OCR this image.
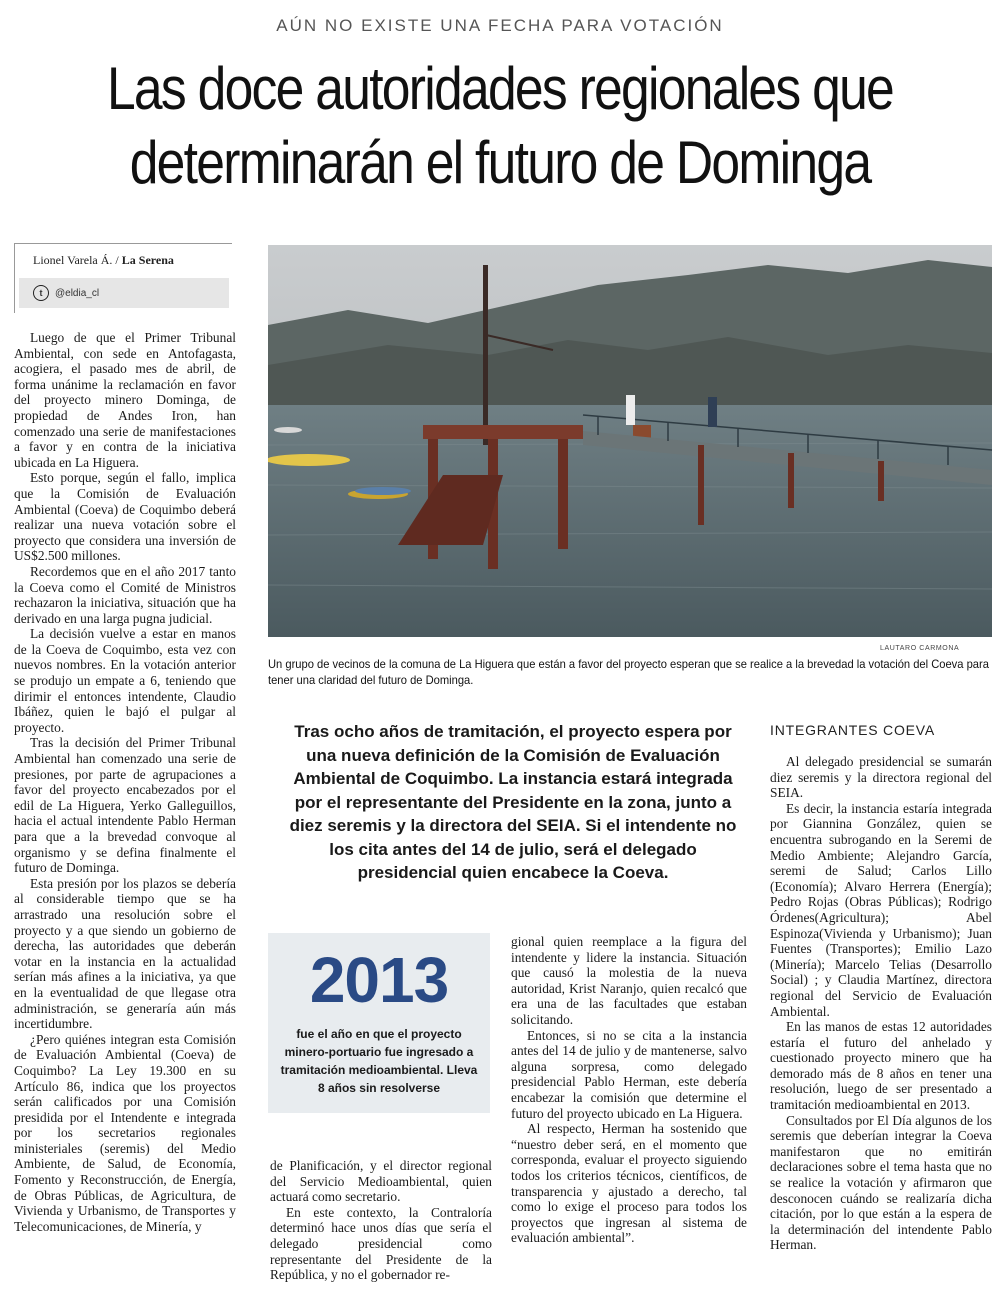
AÚN NO EXISTE UNA FECHA PARA VOTACIÓN
Las doce autoridades regionales que
determinarán el futuro de Dominga
Lionel Varela Á. / La Serena
t	@eldia_cl

Luego de que el Primer Tribunal Ambiental, con sede en Antofagasta, acogiera, el pasado mes de abril, de forma unánime la reclamación en favor del proyecto minero Dominga, de propiedad de Andes Iron, han comenzado una serie de manifestaciones a favor y en contra de la iniciativa ubicada en La Higuera.

Esto porque, según el fallo, implica que la Comisión de Evaluación Ambiental (Coeva) de Coquimbo deberá realizar una nueva votación sobre el proyecto que considera una inversión de US$2.500 millones.

Recordemos que en el año 2017 tanto la Coeva como el Comité de Ministros rechazaron la iniciativa, situación que ha derivado en una larga pugna judicial.

La decisión vuelve a estar en manos de la Coeva de Coquimbo, esta vez con nuevos nombres. En la votación anterior se produjo un empate a 6, teniendo que dirimir el entonces intendente, Claudio Ibáñez, quien le bajó el pulgar al proyecto.

Tras la decisión del Primer Tribunal Ambiental han comenzado una serie de presiones, por parte de agrupaciones a favor del proyecto encabezados por el edil de La Higuera, Yerko Galleguillos, hacia el actual intendente Pablo Herman para que a la brevedad convoque al organismo y se defina finalmente el futuro de Dominga.

Esta presión por los plazos se debería al considerable tiempo que se ha arrastrado una resolución sobre el proyecto y a que siendo un gobierno de derecha, las autoridades que deberán votar en la instancia en la actualidad serían más afines a la iniciativa, ya que en la eventualidad de que llegase otra administración, se generaría aún más incertidumbre.

¿Pero quiénes integran esta Comisión de Evaluación Ambiental (Coeva) de Coquimbo? La Ley 19.300 en su Artículo 86, indica que los proyectos serán calificados por una Comisión presidida por el Intendente e integrada por los secretarios regionales ministeriales (seremis) del Medio Ambiente, de Salud, de Economía, Fomento y Reconstrucción, de Energía, de Obras Públicas, de Agricultura, de Vivienda y Urbanismo, de Transportes y Telecomunicaciones, de Minería, y

LAUTARO CARMONA
Un grupo de vecinos de la comuna de La Higuera que están a favor del proyecto esperan que se realice a la brevedad la votación del Coeva para tener una claridad del futuro de Dominga.
Tras ocho años de tramitación, el proyecto espera por una nueva definición de la Comisión de Evaluación Ambiental de Coquimbo. La instancia estará integrada por el representante del Presidente en la zona, junto a diez seremis y la directora del SEIA. Si el intendente no los cita antes del 14 de julio, será el delegado presidencial quien encabece la Coeva.
2013
fue el año en que el proyecto minero-portuario fue ingresado a tramitación medioambiental. Lleva 8 años sin resolverse

de Planificación, y el director regional del Servicio Medioambiental, quien actuará como secretario.

En este contexto, la Contraloría determinó hace unos días que sería el delegado presidencial como representante del Presidente de la República, y no el gobernador re-

gional quien reemplace a la figura del intendente y lidere la instancia. Situación que causó la molestia de la nueva autoridad, Krist Naranjo, quien recalcó que era una de las facultades que estaban solicitando.

Entonces, si no se cita a la instancia antes del 14 de julio y de mantenerse, salvo alguna sorpresa, como delegado presidencial Pablo Herman, este debería encabezar la comisión que determine el futuro del proyecto ubicado en La Higuera.

Al respecto, Herman ha sostenido que “nuestro deber será, en el momento que corresponda, evaluar el proyecto siguiendo todos los criterios técnicos, científicos, de transparencia y ajustado a derecho, tal como lo exige el proceso para todos los proyectos que ingresan al sistema de evaluación ambiental”.

INTEGRANTES COEVA

Al delegado presidencial se sumarán diez seremis y la directora regional del SEIA.

Es decir, la instancia estaría integrada por Giannina González, quien se encuentra subrogando en la Seremi de Medio Ambiente; Alejandro García, seremi de Salud; Carlos Lillo (Economía); Alvaro Herrera (Energía); Pedro Rojas (Obras Públicas); Rodrigo Órdenes(Agricultura); Abel Espinoza(Vivienda y Urbanismo); Juan Fuentes (Transportes); Emilio Lazo (Minería); Marcelo Telias (Desarrollo Social) ; y Claudia Martínez, directora regional del Servicio de Evaluación Ambiental.

En las manos de estas 12 autoridades estaría el futuro del anhelado y cuestionado proyecto minero que ha demorado más de 8 años en tener una resolución, luego de ser presentado a tramitación medioambiental en 2013.

Consultados por El Día algunos de los seremis que deberían integrar la Coeva manifestaron que no emitirán declaraciones sobre el tema hasta que no se realice la votación y afirmaron que desconocen cuándo se realizaría dicha citación, por lo que están a la espera de la determinación del intendente Pablo Herman.
